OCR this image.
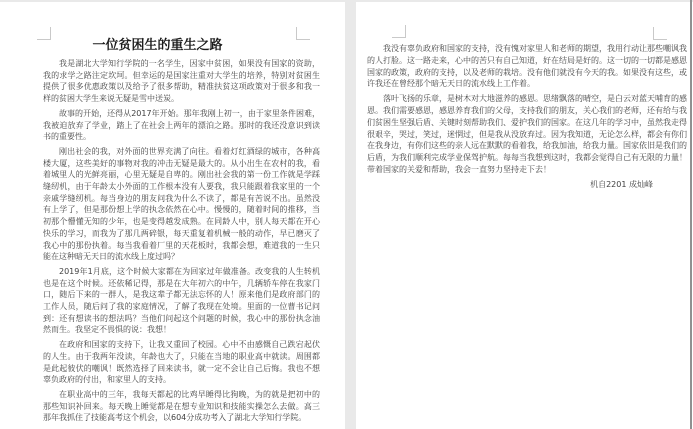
一位贫困生的重生之路

我是湖北大学知行学院的一名学生，因家中贫困，如果没有国家的资助，我的求学之路注定坎坷。但幸运的是国家注重对大学生的培养，特别对贫困生提供了很多优惠政策以及给予了很多帮助，精准扶贫这项政策对于很多和我一样的贫困大学生来说无疑是雪中送炭。

故事的开始，还得从2017年开始。那年我刚上初一，由于家里条件困难，我被迫放弃了学业，踏上了在社会上两年的漂泊之路。那时的我还没意识到读书的重要性。

刚出社会的我，对外面的世界充满了向往。看着灯红酒绿的城市，各种高楼大厦，这些美好的事物对我的冲击无疑是最大的。从小出生在农村的我，看着城里人的光鲜亮丽，心里无疑是自卑的。刚出社会我的第一份工作就是学踩缝纫机，由于年龄太小外面的工作根本没有人要我，我只能跟着我家里的一个亲戚学缝纫机。每当身边的朋友问我为什么不读了，都是有苦说不出。虽然没有上学了，但是那份想上学的执念依然在心中。慢慢的，随着时间的推移，当初那个懵懂无知的少年，也是变得越发成熟。在同龄人中，别人每天都在开心快乐的学习，而我为了那几两碎银，每天重复着机械一般的动作，早已磨灭了我心中的那份执着。每当我看着厂里的天花板时，我都会想，难道我的一生只能在这种暗无天日的流水线上度过吗？

2019年1月底，这个时候大家都在为回家过年做准备。改变我的人生转机也是在这个时候。还依稀记得，那是在大年初六的中午，几辆轿车停在我家门口，随后下来的一群人，是我这辈子都无法忘怀的人！原来他们是政府部门的工作人员，随后问了我的家庭情况，了解了我现在处境。里面的一位曹书记问到：还有想读书的想法吗？当他们问起这个问题的时候，我心中的那份执念油然而生。我坚定不畏惧的说：我想！

在政府和国家的支持下，让我又重回了校园。心中不由感慨自己跌宕起伏的人生。由于我两年没读，年龄也大了，只能在当地的职业高中就读。周围都是此起彼伏的嘲讽！既然选择了回来读书，就一定不会让自己后悔。我也不想辜负政府的付出，和家里人的支持。

在职业高中的三年，我每天都起的比鸡早睡得比狗晚，为的就是把初中的那些知识补回来。每天晚上睡觉都是在想专业知识和技能实操怎么去做。高三那年我抓住了技能高考这个机会，以604分成功考入了湖北大学知行学院。

我没有辜负政府和国家的支持，没有愧对家里人和老师的期望，我用行动让那些嘲讽我的人打脸。这一路走来，心中的苦只有自己知道，好在结局是好的。这一切的一切都是感恩国家的政策，政府的支持，以及老师的栽培。没有他们就没有今天的我。如果没有这些，或许我还在曾经那个暗无天日的流水线上工作着。

落叶飞扬的乐章，是树木对大地滋养的感恩。思绪飘落的晴空，是白云对蓝天哺育的感恩。我们需要感恩，感恩养育我们的父母，支持我们的朋友，关心我们的老师，还有给与我们贫困生坚强后盾、关键时刻帮助我们、爱护我们的国家。在这几年的学习中，虽然我走得很艰辛，哭过，笑过，迷惘过，但是我从没放弃过。因为我知道，无论怎么样，都会有你们在我身边，有你们这些的亲人远在默默的看着我，给我加油，给我力量。国家依旧是我们的后盾，为我们顺利完成学业保驾护航。每每当我想到这时，我都会觉得自己有无限的力量！带着国家的关爱和帮助，我会一直努力坚持走下去！

机自2201 成灿峰
